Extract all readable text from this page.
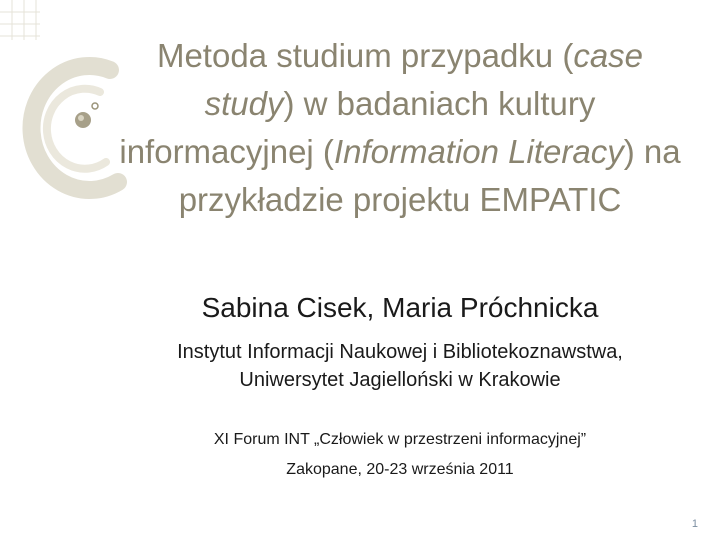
Metoda studium przypadku (case study) w badaniach kultury informacyjnej (Information Literacy) na przykładzie projektu EMPATIC
Sabina Cisek, Maria Próchnicka
Instytut Informacji Naukowej i Bibliotekoznawstwa,
Uniwersytet Jagielloński w Krakowie
XI Forum INT „Człowiek w przestrzeni informacyjnej”
Zakopane, 20-23 września 2011
1
